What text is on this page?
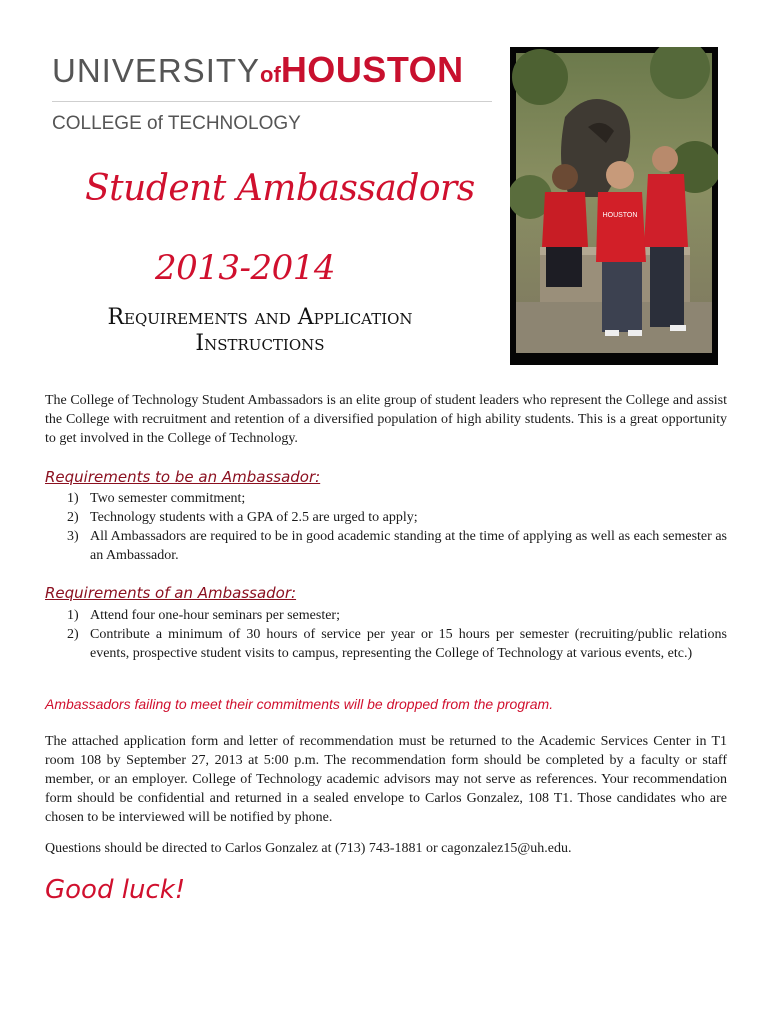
UNIVERSITYofHOUSTON
COLLEGE of TECHNOLOGY
Student Ambassadors
2013-2014
Requirements and Application Instructions
HOUSTON
The College of Technology Student Ambassadors is an elite group of student leaders who represent the College and assist the College with recruitment and retention of a diversified population of high ability students. This is a great opportunity to get involved in the College of Technology.
Requirements to be an Ambassador:
1) Two semester commitment;
2) Technology students with a GPA of 2.5 are urged to apply;
3) All Ambassadors are required to be in good academic standing at the time of applying as well as each semester as an Ambassador.
Requirements of an Ambassador:
1) Attend four one-hour seminars per semester;
2) Contribute a minimum of 30 hours of service per year or 15 hours per semester (recruiting/public relations events, prospective student visits to campus, representing the College of Technology at various events, etc.)
Ambassadors failing to meet their commitments will be dropped from the program.
The attached application form and letter of recommendation must be returned to the Academic Services Center in T1 room 108 by September 27, 2013 at 5:00 p.m. The recommendation form should be completed by a faculty or staff member, or an employer. College of Technology academic advisors may not serve as references. Your recommendation form should be confidential and returned in a sealed envelope to Carlos Gonzalez, 108 T1. Those candidates who are chosen to be interviewed will be notified by phone.
Questions should be directed to Carlos Gonzalez at (713) 743-1881 or cagonzalez15@uh.edu.
Good luck!
